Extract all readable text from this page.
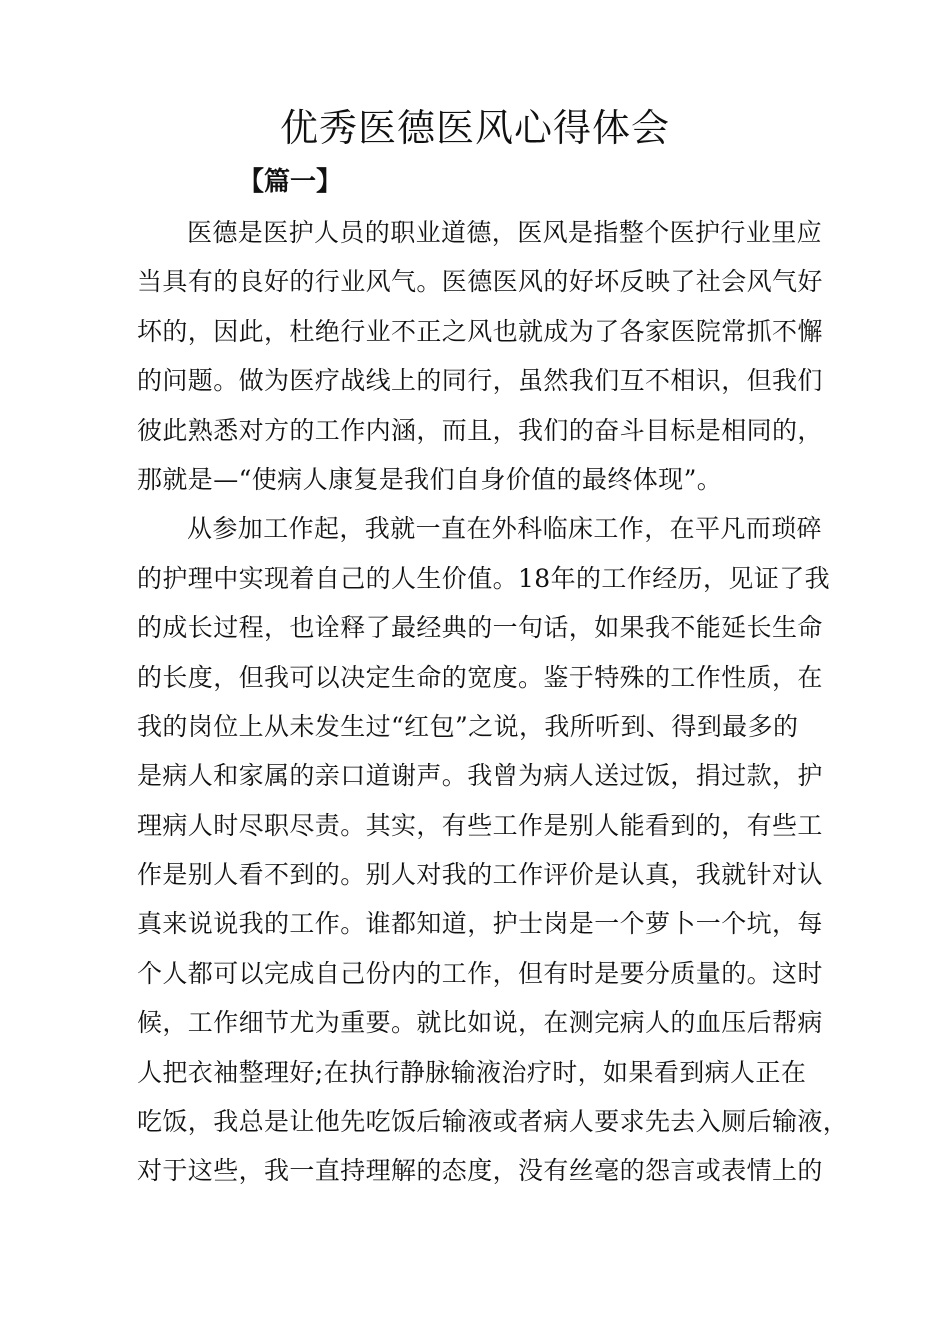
优秀医德医风心得体会

【篇一】

医德是医护人员的职业道德，医风是指整个医护行业里应

当具有的良好的行业风气。医德医风的好坏反映了社会风气好

坏的，因此，杜绝行业不正之风也就成为了各家医院常抓不懈

的问题。做为医疗战线上的同行，虽然我们互不相识，但我们

彼此熟悉对方的工作内涵，而且，我们的奋斗目标是相同的，

那就是—“使病人康复是我们自身价值的最终体现”。

从参加工作起，我就一直在外科临床工作，在平凡而琐碎

的护理中实现着自己的人生价值。18年的工作经历，见证了我

的成长过程，也诠释了最经典的一句话，如果我不能延长生命

的长度，但我可以决定生命的宽度。鉴于特殊的工作性质，在

我的岗位上从未发生过“红包”之说，我所听到、得到最多的

是病人和家属的亲口道谢声。我曾为病人送过饭，捐过款，护

理病人时尽职尽责。其实，有些工作是别人能看到的，有些工

作是别人看不到的。别人对我的工作评价是认真，我就针对认

真来说说我的工作。谁都知道，护士岗是一个萝卜一个坑，每

个人都可以完成自己份内的工作，但有时是要分质量的。这时

候，工作细节尤为重要。就比如说，在测完病人的血压后帮病

人把衣袖整理好;在执行静脉输液治疗时，如果看到病人正在

吃饭，我总是让他先吃饭后输液或者病人要求先去入厕后输液，

对于这些，我一直持理解的态度，没有丝毫的怨言或表情上的
